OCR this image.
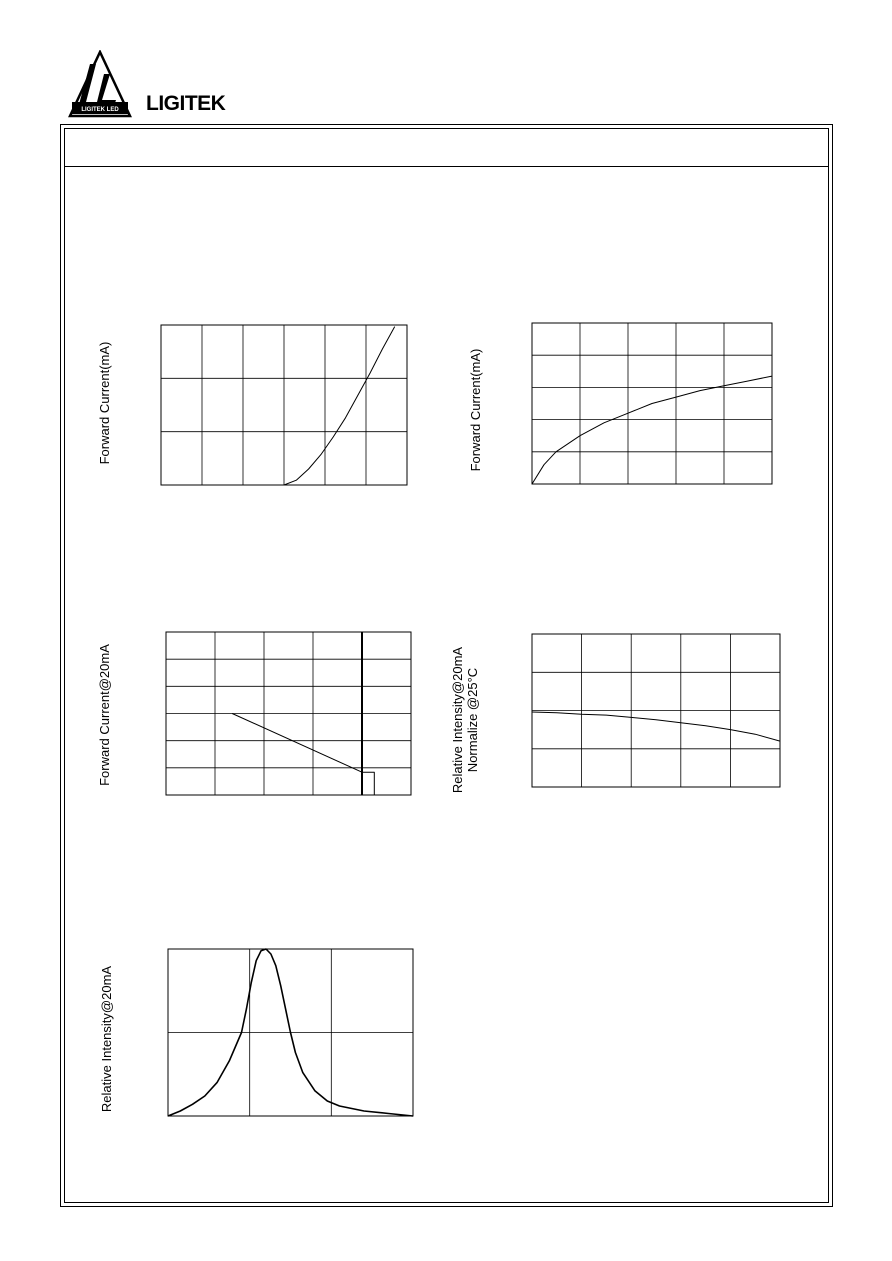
LIGITEK LED LIGITEK
Forward Current(mA)	Forward Current(mA)
Forward Current@20mA	Relative Intensity@20mA Normalize @25°C
Relative Intensity@20mA
